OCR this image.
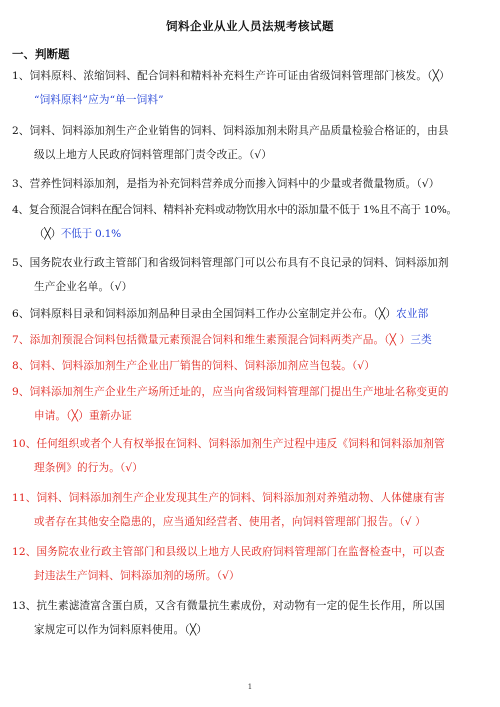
饲料企业从业人员法规考核试题
一、判断题
1、饲料原料、浓缩饲料、配合饲料和精料补充料生产许可证由省级饲料管理部门核发。（╳）
“饲料原料”应为“单一饲料”
2、饲料、饲料添加剂生产企业销售的饲料、饲料添加剂未附具产品质量检验合格证的，由县
级以上地方人民政府饲料管理部门责令改正。（√）
3、营养性饲料添加剂，是指为补充饲料营养成分而掺入饲料中的少量或者微量物质。（√）
4、复合预混合饲料在配合饲料、精料补充料或动物饮用水中的添加量不低于 1%且不高于 10%。
（╳）不低于 0.1%
5、国务院农业行政主管部门和省级饲料管理部门可以公布具有不良记录的饲料、饲料添加剂
生产企业名单。（√）
6、饲料原料目录和饲料添加剂品种目录由全国饲料工作办公室制定并公布。（╳）农业部
7、添加剂预混合饲料包括微量元素预混合饲料和维生素预混合饲料两类产品。（╳ ）三类
8、饲料、饲料添加剂生产企业出厂销售的饲料、饲料添加剂应当包装。（√）
9、饲料添加剂生产企业生产场所迁址的，应当向省级饲料管理部门提出生产地址名称变更的
申请。（╳）重新办证
10、任何组织或者个人有权举报在饲料、饲料添加剂生产过程中违反《饲料和饲料添加剂管
理条例》的行为。（√）
11、饲料、饲料添加剂生产企业发现其生产的饲料、饲料添加剂对养殖动物、人体健康有害
或者存在其他安全隐患的，应当通知经营者、使用者，向饲料管理部门报告。（√ ）
12、国务院农业行政主管部门和县级以上地方人民政府饲料管理部门在监督检查中，可以查
封违法生产饲料、饲料添加剂的场所。（√）
13、抗生素滤渣富含蛋白质，又含有微量抗生素成份，对动物有一定的促生长作用，所以国
家规定可以作为饲料原料使用。（╳）
1
